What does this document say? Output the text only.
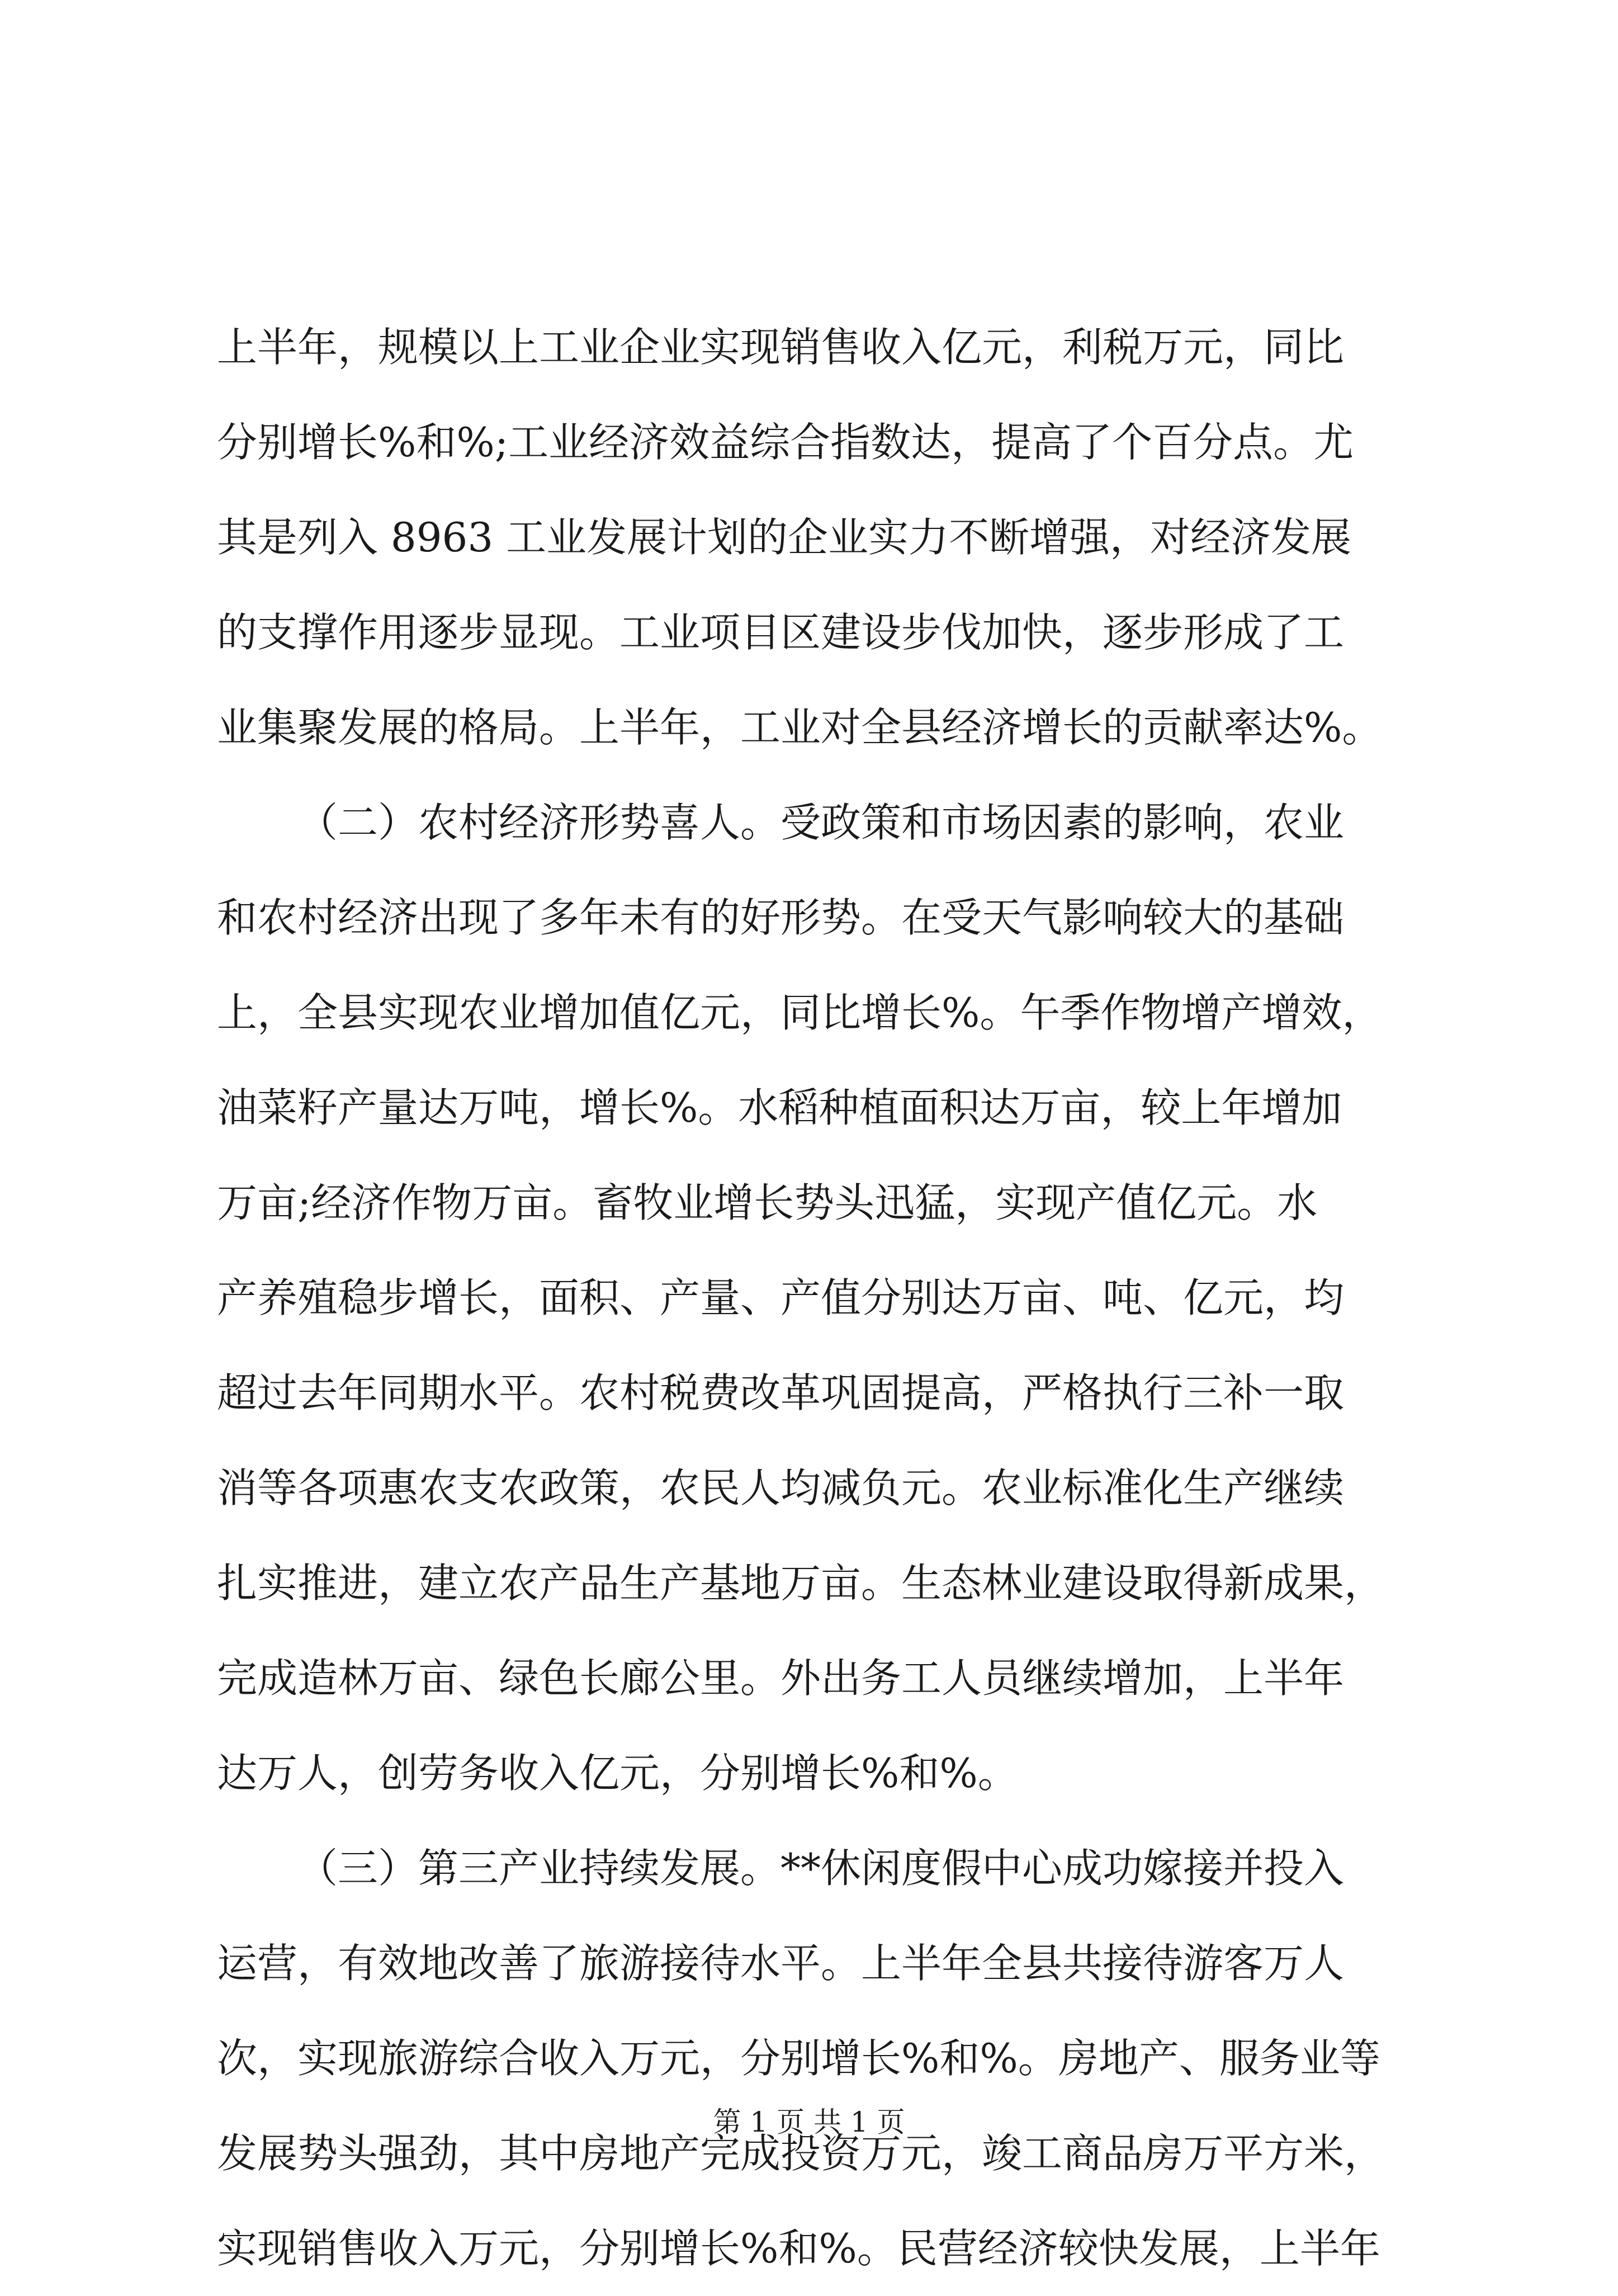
上半年，规模以上工业企业实现销售收入亿元，利税万元，同比
分别增长%和%;工业经济效益综合指数达，提高了个百分点。尤
其是列入 8963 工业发展计划的企业实力不断增强，对经济发展
的支撑作用逐步显现。工业项目区建设步伐加快，逐步形成了工
业集聚发展的格局。上半年，工业对全县经济增长的贡献率达%。
（二）农村经济形势喜人。受政策和市场因素的影响，农业
和农村经济出现了多年未有的好形势。在受天气影响较大的基础
上，全县实现农业增加值亿元，同比增长%。午季作物增产增效，
油菜籽产量达万吨，增长%。水稻种植面积达万亩，较上年增加
万亩;经济作物万亩。畜牧业增长势头迅猛，实现产值亿元。水
产养殖稳步增长，面积、产量、产值分别达万亩、吨、亿元，均
超过去年同期水平。农村税费改革巩固提高，严格执行三补一取
消等各项惠农支农政策，农民人均减负元。农业标准化生产继续
扎实推进，建立农产品生产基地万亩。生态林业建设取得新成果，
完成造林万亩、绿色长廊公里。外出务工人员继续增加，上半年
达万人，创劳务收入亿元，分别增长%和%。
（三）第三产业持续发展。**休闲度假中心成功嫁接并投入
运营，有效地改善了旅游接待水平。上半年全县共接待游客万人
次，实现旅游综合收入万元，分别增长%和%。房地产、服务业等
发展势头强劲，其中房地产完成投资万元，竣工商品房万平方米，
实现销售收入万元，分别增长%和%。民营经济较快发展，上半年
第 1 页 共 1 页
